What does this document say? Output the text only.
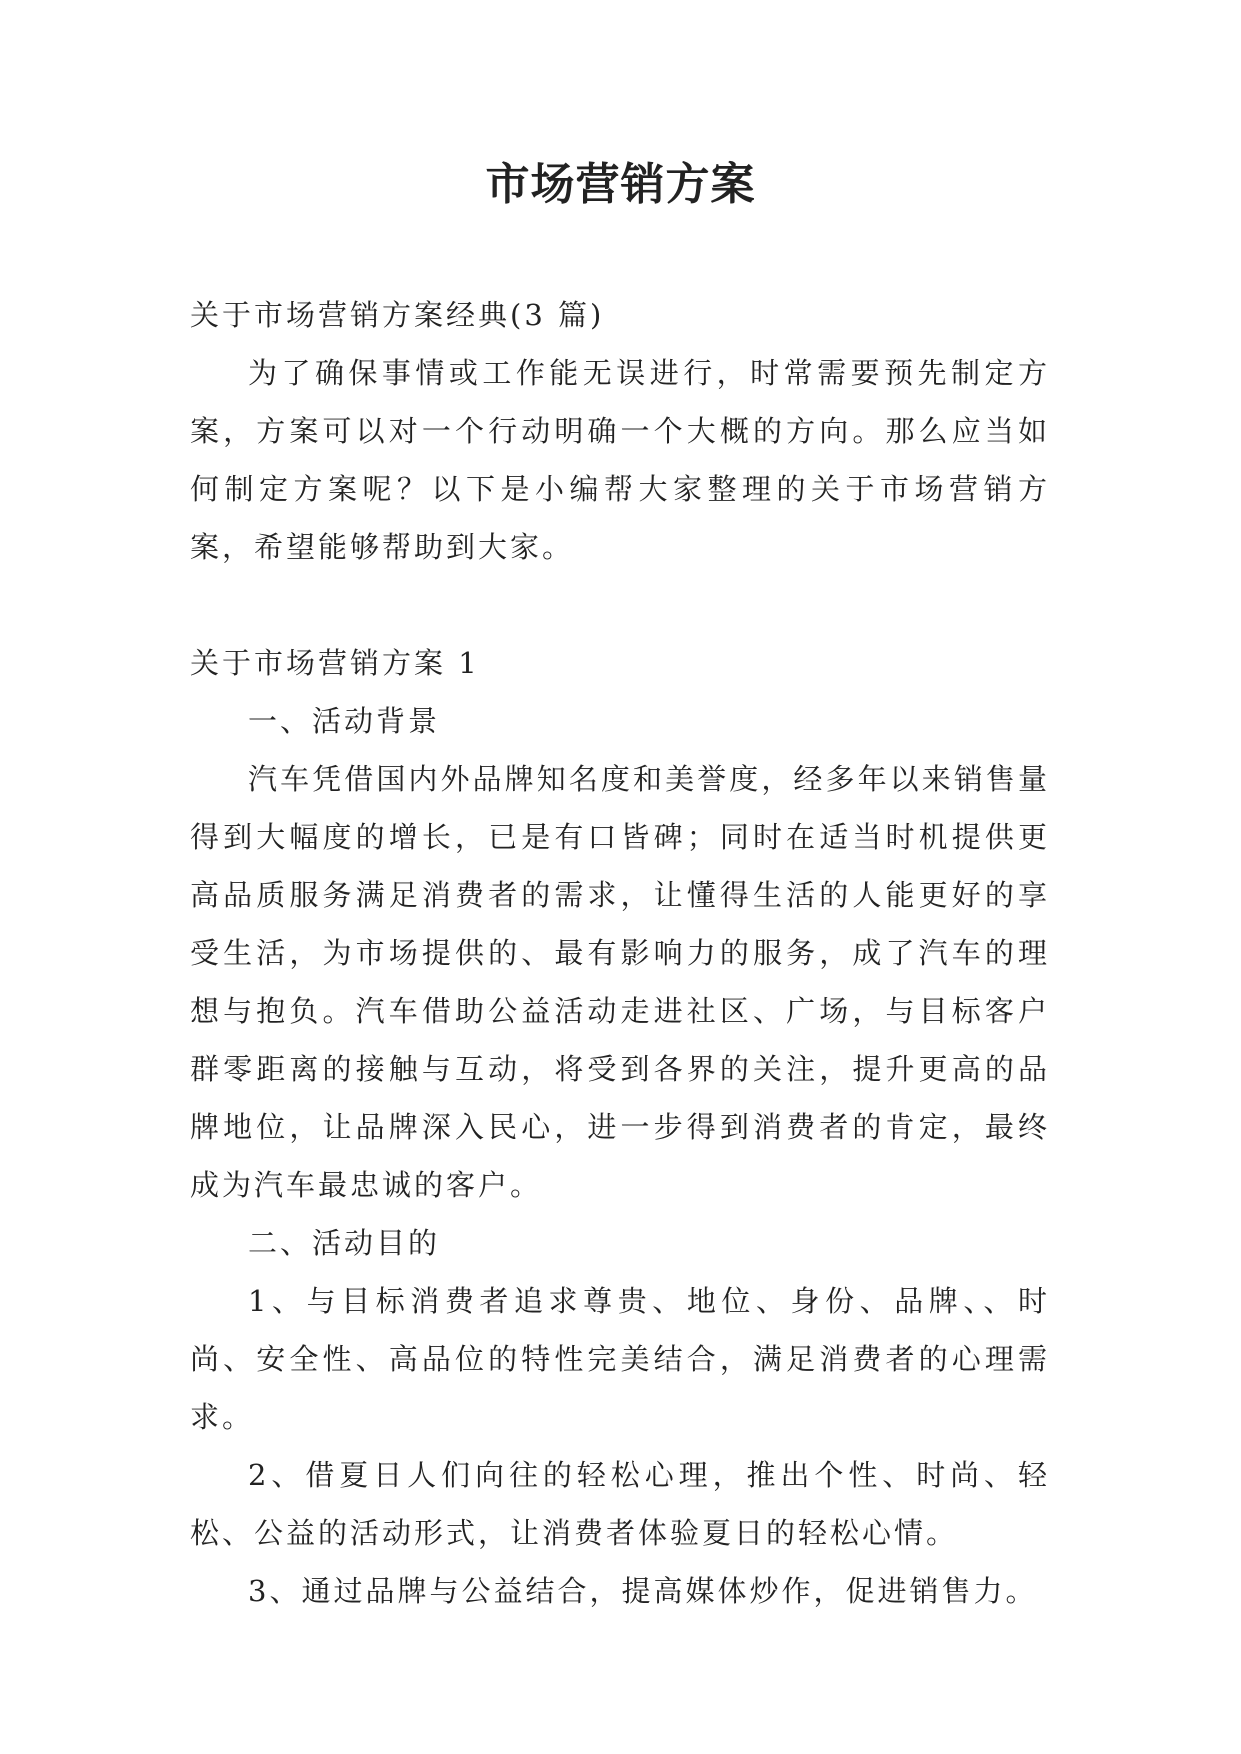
市场营销方案

关于市场营销方案经典(3 篇)

为了确保事情或工作能无误进行，时常需要预先制定方案，方案可以对一个行动明确一个大概的方向。那么应当如何制定方案呢？以下是小编帮大家整理的关于市场营销方案，希望能够帮助到大家。

关于市场营销方案 1

一、活动背景

汽车凭借国内外品牌知名度和美誉度，经多年以来销售量得到大幅度的增长，已是有口皆碑；同时在适当时机提供更高品质服务满足消费者的需求，让懂得生活的人能更好的享受生活，为市场提供的、最有影响力的服务，成了汽车的理想与抱负。汽车借助公益活动走进社区、广场，与目标客户群零距离的接触与互动，将受到各界的关注，提升更高的品牌地位，让品牌深入民心，进一步得到消费者的肯定，最终成为汽车最忠诚的客户。

二、活动目的

1、与目标消费者追求尊贵、地位、身份、品牌、、时尚、安全性、高品位的特性完美结合，满足消费者的心理需求。

2、借夏日人们向往的轻松心理，推出个性、时尚、轻松、公益的活动形式，让消费者体验夏日的轻松心情。

3、通过品牌与公益结合，提高媒体炒作，促进销售力。
